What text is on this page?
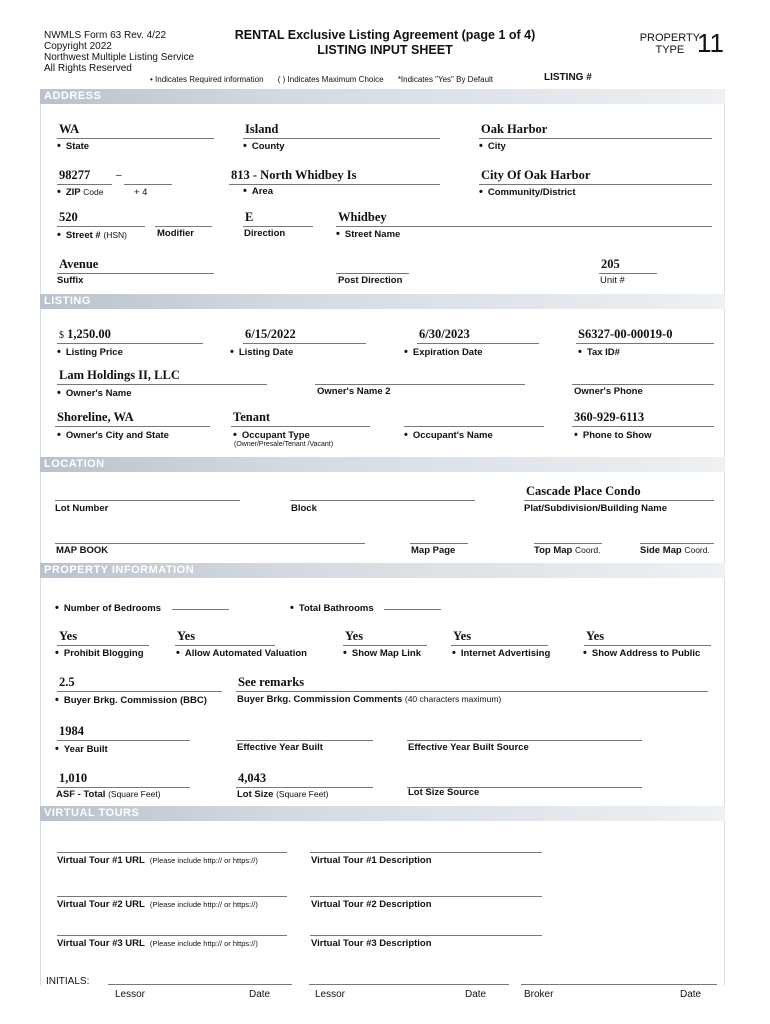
NWMLS Form 63 Rev. 4/22
Copyright 2022
Northwest Multiple Listing Service
All Rights Reserved
RENTAL Exclusive Listing Agreement (page 1 of 4)
LISTING INPUT SHEET
PROPERTY
TYPE 11
• Indicates Required information ( ) Indicates Maximum Choice *Indicates "Yes" By Default	LISTING #
ADDRESS
WA
• State
Island
• County
Oak Harbor
• City
98277	–
• ZIP Code	+ 4
813 - North Whidbey Is
• Area
City Of Oak Harbor
• Community/District
520
• Street # (HSN)	Modifier
E
Direction
Whidbey
• Street Name
Avenue
Suffix	Post Direction
205
Unit #
LISTING
$ 1,250.00
• Listing Price
6/15/2022
• Listing Date
6/30/2023
• Expiration Date
S6327-00-00019-0
• Tax ID#
Lam Holdings II, LLC
• Owner's Name	Owner's Name 2	Owner's Phone
Shoreline, WA
• Owner's City and State
Tenant
• Occupant Type
(Owner/Presale/Tenant /Vacant)
• Occupant's Name
360-929-6113
• Phone to Show
LOCATION
Lot Number	Block
Cascade Place Condo
Plat/Subdivision/Building Name
MAP BOOK	Map Page	Top Map Coord.	Side Map Coord.
PROPERTY INFORMATION
• Number of Bedrooms
•	Total Bathrooms
Yes
• Prohibit Blogging
Yes
• Allow Automated Valuation
Yes
• Show Map Link
Yes
• Internet Advertising
Yes
• Show Address to Public
2.5
• Buyer Brkg. Commission (BBC)
See remarks
Buyer Brkg. Commission Comments (40 characters maximum)
1984
• Year Built	Effective Year Built	Effective Year Built Source
1,010
ASF - Total (Square Feet)
4,043
Lot Size (Square Feet)	Lot Size Source
VIRTUAL TOURS
Virtual Tour #1 URL (Please include http:// or https://)	Virtual Tour #1 Description
Virtual Tour #2 URL (Please include http:// or https://)	Virtual Tour #2 Description
Virtual Tour #3 URL (Please include http:// or https://)	Virtual Tour #3 Description
INITIALS:
Lessor	Date	Lessor	Date	Broker	Date
